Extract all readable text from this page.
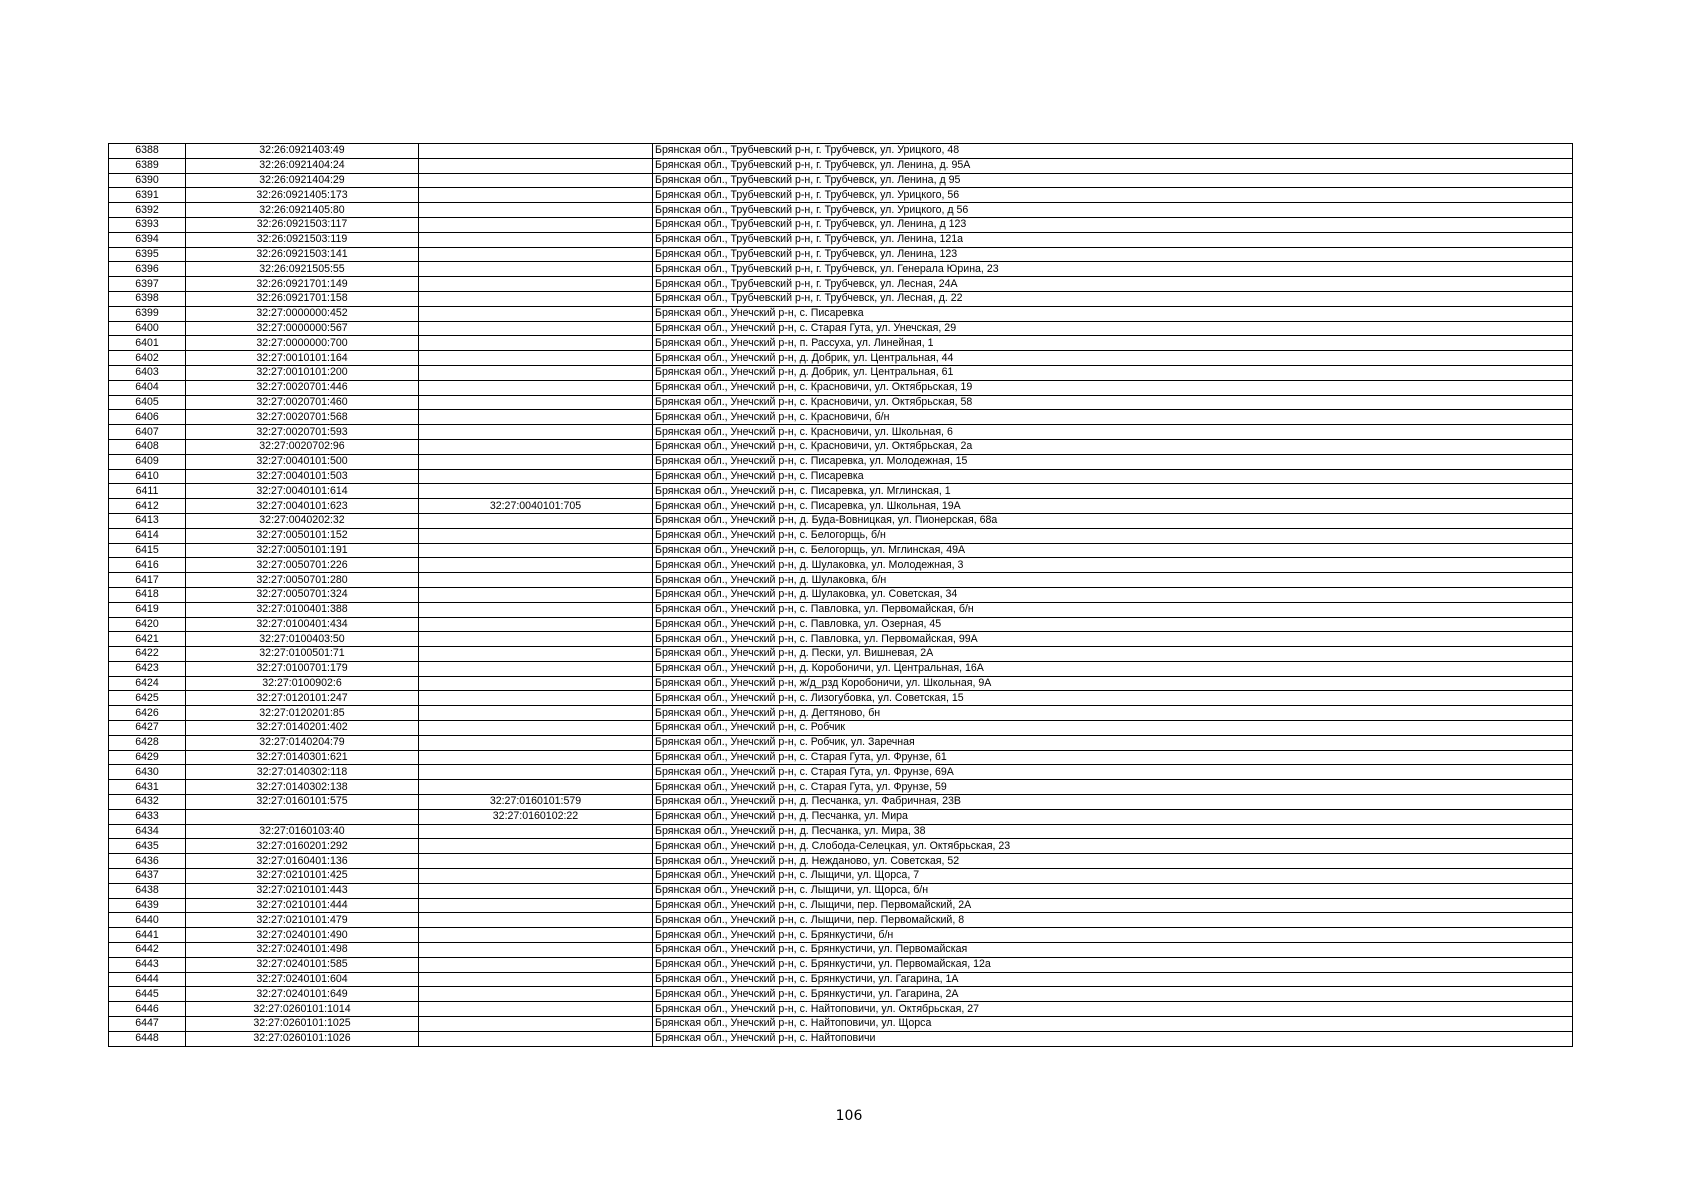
6388	32:26:0921403:49		Брянская обл., Трубчевский р-н, г. Трубчевск, ул. Урицкого, 48
6389	32:26:0921404:24		Брянская обл., Трубчевский р-н, г. Трубчевск, ул. Ленина, д. 95А
6390	32:26:0921404:29		Брянская обл., Трубчевский р-н, г. Трубчевск, ул. Ленина, д 95
6391	32:26:0921405:173		Брянская обл., Трубчевский р-н, г. Трубчевск, ул. Урицкого, 56
6392	32:26:0921405:80		Брянская обл., Трубчевский р-н, г. Трубчевск, ул. Урицкого, д 56
6393	32:26:0921503:117		Брянская обл., Трубчевский р-н, г. Трубчевск, ул. Ленина, д 123
6394	32:26:0921503:119		Брянская обл., Трубчевский р-н, г. Трубчевск, ул. Ленина, 121а
6395	32:26:0921503:141		Брянская обл., Трубчевский р-н, г. Трубчевск, ул. Ленина, 123
6396	32:26:0921505:55		Брянская обл., Трубчевский р-н, г. Трубчевск, ул. Генерала Юрина, 23
6397	32:26:0921701:149		Брянская обл., Трубчевский р-н, г. Трубчевск, ул. Лесная, 24А
6398	32:26:0921701:158		Брянская обл., Трубчевский р-н, г. Трубчевск, ул. Лесная, д. 22
6399	32:27:0000000:452		Брянская обл., Унечский р-н, с. Писаревка
6400	32:27:0000000:567		Брянская обл., Унечский р-н, с. Старая Гута, ул. Унечская, 29
6401	32:27:0000000:700		Брянская обл., Унечский р-н, п. Рассуха, ул. Линейная, 1
6402	32:27:0010101:164		Брянская обл., Унечский р-н, д. Добрик, ул. Центральная, 44
6403	32:27:0010101:200		Брянская обл., Унечский р-н, д. Добрик, ул. Центральная, 61
6404	32:27:0020701:446		Брянская обл., Унечский р-н, с. Красновичи, ул. Октябрьская, 19
6405	32:27:0020701:460		Брянская обл., Унечский р-н, с. Красновичи, ул. Октябрьская, 58
6406	32:27:0020701:568		Брянская обл., Унечский р-н, с. Красновичи, б/н
6407	32:27:0020701:593		Брянская обл., Унечский р-н, с. Красновичи, ул. Школьная, 6
6408	32:27:0020702:96		Брянская обл., Унечский р-н, с. Красновичи, ул. Октябрьская, 2а
6409	32:27:0040101:500		Брянская обл., Унечский р-н, с. Писаревка, ул. Молодежная, 15
6410	32:27:0040101:503		Брянская обл., Унечский р-н, с. Писаревка
6411	32:27:0040101:614		Брянская обл., Унечский р-н, с. Писаревка, ул. Мглинская, 1
6412	32:27:0040101:623	32:27:0040101:705	Брянская обл., Унечский р-н, с. Писаревка, ул. Школьная, 19А
6413	32:27:0040202:32		Брянская обл., Унечский р-н, д. Буда-Вовницкая, ул. Пионерская, 68а
6414	32:27:0050101:152		Брянская обл., Унечский р-н, с. Белогорщь, б/н
6415	32:27:0050101:191		Брянская обл., Унечский р-н, с. Белогорщь, ул. Мглинская, 49А
6416	32:27:0050701:226		Брянская обл., Унечский р-н, д. Шулаковка, ул. Молодежная, 3
6417	32:27:0050701:280		Брянская обл., Унечский р-н, д. Шулаковка, б/н
6418	32:27:0050701:324		Брянская обл., Унечский р-н, д. Шулаковка, ул. Советская, 34
6419	32:27:0100401:388		Брянская обл., Унечский р-н, с. Павловка, ул. Первомайская, б/н
6420	32:27:0100401:434		Брянская обл., Унечский р-н, с. Павловка, ул. Озерная, 45
6421	32:27:0100403:50		Брянская обл., Унечский р-н, с. Павловка, ул. Первомайская, 99А
6422	32:27:0100501:71		Брянская обл., Унечский р-н, д. Пески, ул. Вишневая, 2А
6423	32:27:0100701:179		Брянская обл., Унечский р-н, д. Коробоничи, ул. Центральная, 16А
6424	32:27:0100902:6		Брянская обл., Унечский р-н, ж/д_рзд Коробоничи, ул. Школьная, 9А
6425	32:27:0120101:247		Брянская обл., Унечский р-н, с. Лизогубовка, ул. Советская, 15
6426	32:27:0120201:85		Брянская обл., Унечский р-н, д. Дегтяново, бн
6427	32:27:0140201:402		Брянская обл., Унечский р-н, с. Робчик
6428	32:27:0140204:79		Брянская обл., Унечский р-н, с. Робчик, ул. Заречная
6429	32:27:0140301:621		Брянская обл., Унечский р-н, с. Старая Гута, ул. Фрунзе, 61
6430	32:27:0140302:118		Брянская обл., Унечский р-н, с. Старая Гута, ул. Фрунзе, 69А
6431	32:27:0140302:138		Брянская обл., Унечский р-н, с. Старая Гута, ул. Фрунзе, 59
6432	32:27:0160101:575	32:27:0160101:579	Брянская обл., Унечский р-н, д. Песчанка, ул. Фабричная, 23В
6433		32:27:0160102:22	Брянская обл., Унечский р-н, д. Песчанка, ул. Мира
6434	32:27:0160103:40		Брянская обл., Унечский р-н, д. Песчанка, ул. Мира, 38
6435	32:27:0160201:292		Брянская обл., Унечский р-н, д. Слобода-Селецкая, ул. Октябрьская, 23
6436	32:27:0160401:136		Брянская обл., Унечский р-н, д. Нежданово, ул. Советская, 52
6437	32:27:0210101:425		Брянская обл., Унечский р-н, с. Лыщичи, ул. Щорса, 7
6438	32:27:0210101:443		Брянская обл., Унечский р-н, с. Лыщичи, ул. Щорса, б/н
6439	32:27:0210101:444		Брянская обл., Унечский р-н, с. Лыщичи, пер. Первомайский, 2А
6440	32:27:0210101:479		Брянская обл., Унечский р-н, с. Лыщичи, пер. Первомайский, 8
6441	32:27:0240101:490		Брянская обл., Унечский р-н, с. Брянкустичи, б/н
6442	32:27:0240101:498		Брянская обл., Унечский р-н, с. Брянкустичи, ул. Первомайская
6443	32:27:0240101:585		Брянская обл., Унечский р-н, с. Брянкустичи, ул. Первомайская, 12а
6444	32:27:0240101:604		Брянская обл., Унечский р-н, с. Брянкустичи, ул. Гагарина, 1А
6445	32:27:0240101:649		Брянская обл., Унечский р-н, с. Брянкустичи, ул. Гагарина, 2А
6446	32:27:0260101:1014		Брянская обл., Унечский р-н, с. Найтоповичи, ул. Октябрьская, 27
6447	32:27:0260101:1025		Брянская обл., Унечский р-н, с. Найтоповичи, ул. Щорса
6448	32:27:0260101:1026		Брянская обл., Унечский р-н, с. Найтоповичи
106
